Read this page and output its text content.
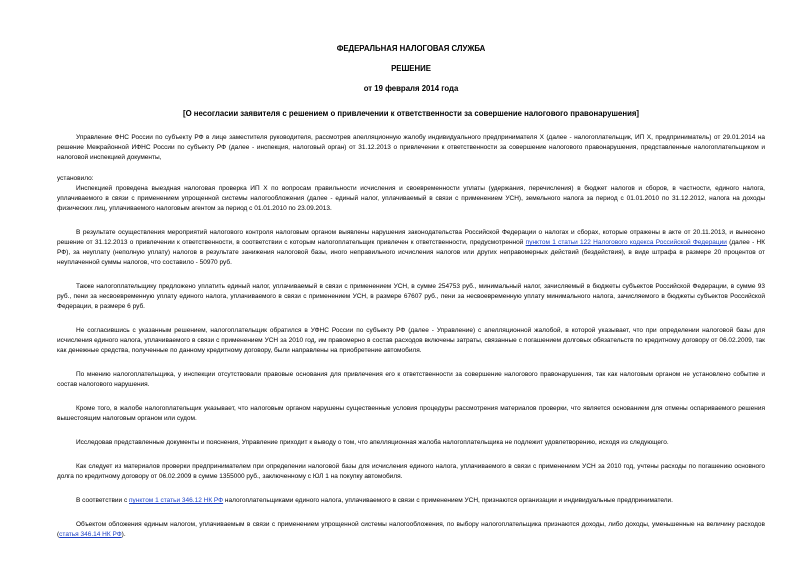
ФЕДЕРАЛЬНАЯ НАЛОГОВАЯ СЛУЖБА
РЕШЕНИЕ
от 19 февраля 2014 года
[О несогласии заявителя с решением о привлечении к ответственности за совершение налогового правонарушения]

Управление ФНС России по субъекту РФ в лице заместителя руководителя, рассмотрев апелляционную жалобу индивидуального предпринимателя X (далее - налогоплательщик, ИП X, предприниматель) от 29.01.2014 на решение Межрайонной ИФНС России по субъекту РФ (далее - инспекция, налоговый орган) от 31.12.2013 о привлечении к ответственности за совершение налогового правонарушения, представленные налогоплательщиком и налоговой инспекцией документы,

установило:

Инспекцией проведена выездная налоговая проверка ИП X по вопросам правильности исчисления и своевременности уплаты (удержания, перечисления) в бюджет налогов и сборов, в частности, единого налога, уплачиваемого в связи с применением упрощенной системы налогообложения (далее - единый налог, уплачиваемый в связи с применением УСН), земельного налога за период с 01.01.2010 по 31.12.2012, налога на доходы физических лиц, уплачиваемого налоговым агентом за период с 01.01.2010 по 23.09.2013.

В результате осуществления мероприятий налогового контроля налоговым органом выявлены нарушения законодательства Российской Федерации о налогах и сборах, которые отражены в акте от 20.11.2013, и вынесено решение от 31.12.2013 о привлечении к ответственности, в соответствии с которым налогоплательщик привлечен к ответственности, предусмотренной пунктом 1 статьи 122 Налогового кодекса Российской Федерации (далее - НК РФ), за неуплату (неполную уплату) налогов в результате занижения налоговой базы, иного неправильного исчисления налогов или других неправомерных действий (бездействия), в виде штрафа в размере 20 процентов от неуплаченной суммы налогов, что составило - 50970 руб.

Также налогоплательщику предложено уплатить единый налог, уплачиваемый в связи с применением УСН, в сумме 254753 руб., минимальный налог, зачисляемый в бюджеты субъектов Российской Федерации, в сумме 93 руб., пени за несвоевременную уплату единого налога, уплачиваемого в связи с применением УСН, в размере 67607 руб., пени за несвоевременную уплату минимального налога, зачисляемого в бюджеты субъектов Российской Федерации, в размере 6 руб.

Не согласившись с указанным решением, налогоплательщик обратился в УФНС России по субъекту РФ (далее - Управление) с апелляционной жалобой, в которой указывает, что при определении налоговой базы для исчисления единого налога, уплачиваемого в связи с применением УСН за 2010 год, им правомерно в состав расходов включены затраты, связанные с погашением долговых обязательств по кредитному договору от 06.02.2009, так как денежные средства, полученные по данному кредитному договору, были направлены на приобретение автомобиля.

По мнению налогоплательщика, у инспекции отсутствовали правовые основания для привлечения его к ответственности за совершение налогового правонарушения, так как налоговым органом не установлено событие и состав налогового нарушения.

Кроме того, в жалобе налогоплательщик указывает, что налоговым органом нарушены существенные условия процедуры рассмотрения материалов проверки, что является основанием для отмены оспариваемого решения вышестоящим налоговым органом или судом.

Исследовав представленные документы и пояснения, Управление приходит к выводу о том, что апелляционная жалоба налогоплательщика не подлежит удовлетворению, исходя из следующего.

Как следует из материалов проверки предпринимателем при определении налоговой базы для исчисления единого налога, уплачиваемого в связи с применением УСН за 2010 год, учтены расходы по погашению основного долга по кредитному договору от 06.02.2009 в сумме 1355000 руб., заключенному с ЮЛ 1 на покупку автомобиля.

В соответствии с пунктом 1 статьи 346.12 НК РФ налогоплательщиками единого налога, уплачиваемого в связи с применением УСН, признаются организации и индивидуальные предприниматели.

Объектом обложения единым налогом, уплачиваемым в связи с применением упрощенной системы налогообложения, по выбору налогоплательщика признаются доходы, либо доходы, уменьшенные на величину расходов (статья 346.14 НК РФ).
